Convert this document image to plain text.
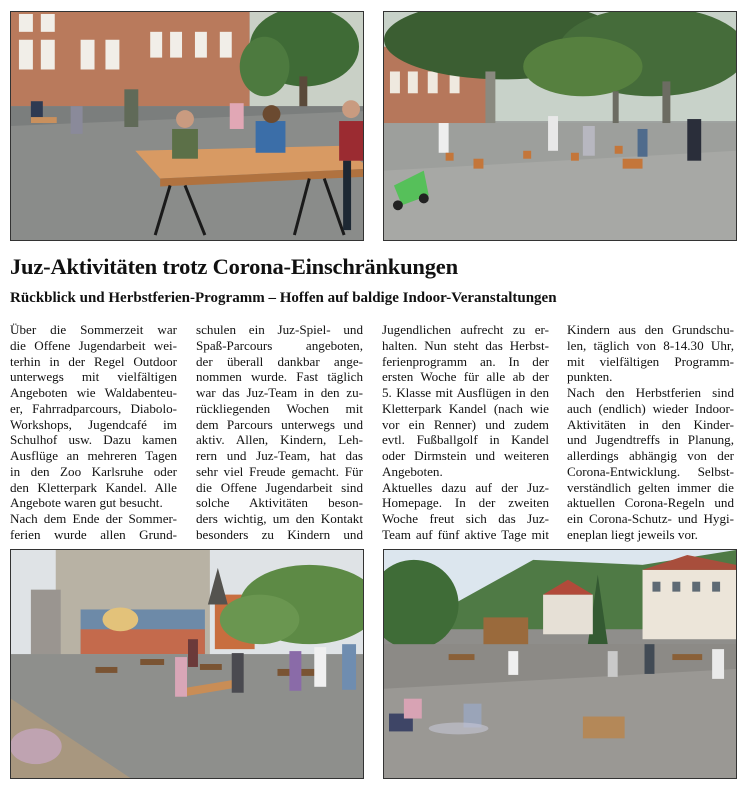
Juz-Aktivitäten trotz Corona-Einschränkungen
Rückblick und Herbstferien-Programm – Hoffen auf baldige Indoor-Veranstaltungen
Über die Sommerzeit war
die Offene Jugendarbeit wei-
terhin in der Regel Outdoor
unterwegs mit vielfältigen
Angeboten wie Waldabenteu-
er, Fahrradparcours, Diabolo-
Workshops, Jugendcafé im
Schulhof usw. Dazu kamen
Ausflüge an mehreren Tagen
in den Zoo Karlsruhe oder
den Kletterpark Kandel. Alle
Angebote waren gut besucht.
Nach dem Ende der Sommer-
ferien wurde allen Grund-
schulen ein Juz-Spiel- und
Spaß-Parcours angeboten,
der überall dankbar ange-
nommen wurde. Fast täglich
war das Juz-Team in den zu-
rückliegenden Wochen mit
dem Parcours unterwegs und
aktiv. Allen, Kindern, Leh-
rern und Juz-Team, hat das
sehr viel Freude gemacht. Für
die Offene Jugendarbeit sind
solche Aktivitäten beson-
ders wichtig, um den Kontakt
besonders zu Kindern und
Jugendlichen aufrecht zu er-
halten. Nun steht das Herbst-
ferienprogramm an. In der
ersten Woche für alle ab der
5. Klasse mit Ausflügen in den
Kletterpark Kandel (nach wie
vor ein Renner) und zudem
evtl. Fußballgolf in Kandel
oder Dirmstein und weiteren
Angeboten.
Aktuelles dazu auf der Juz-
Homepage. In der zweiten
Woche freut sich das Juz-
Team auf fünf aktive Tage mit
Kindern aus den Grundschu-
len, täglich von 8-14.30 Uhr,
mit vielfältigen Programm-
punkten.
Nach den Herbstferien sind
auch (endlich) wieder Indoor-
Aktivitäten in den Kinder-
und Jugendtreffs in Planung,
allerdings abhängig von der
Corona-Entwicklung. Selbst-
verständlich gelten immer die
aktuellen Corona-Regeln und
ein Corona-Schutz- und Hygi-
eneplan liegt jeweils vor.
